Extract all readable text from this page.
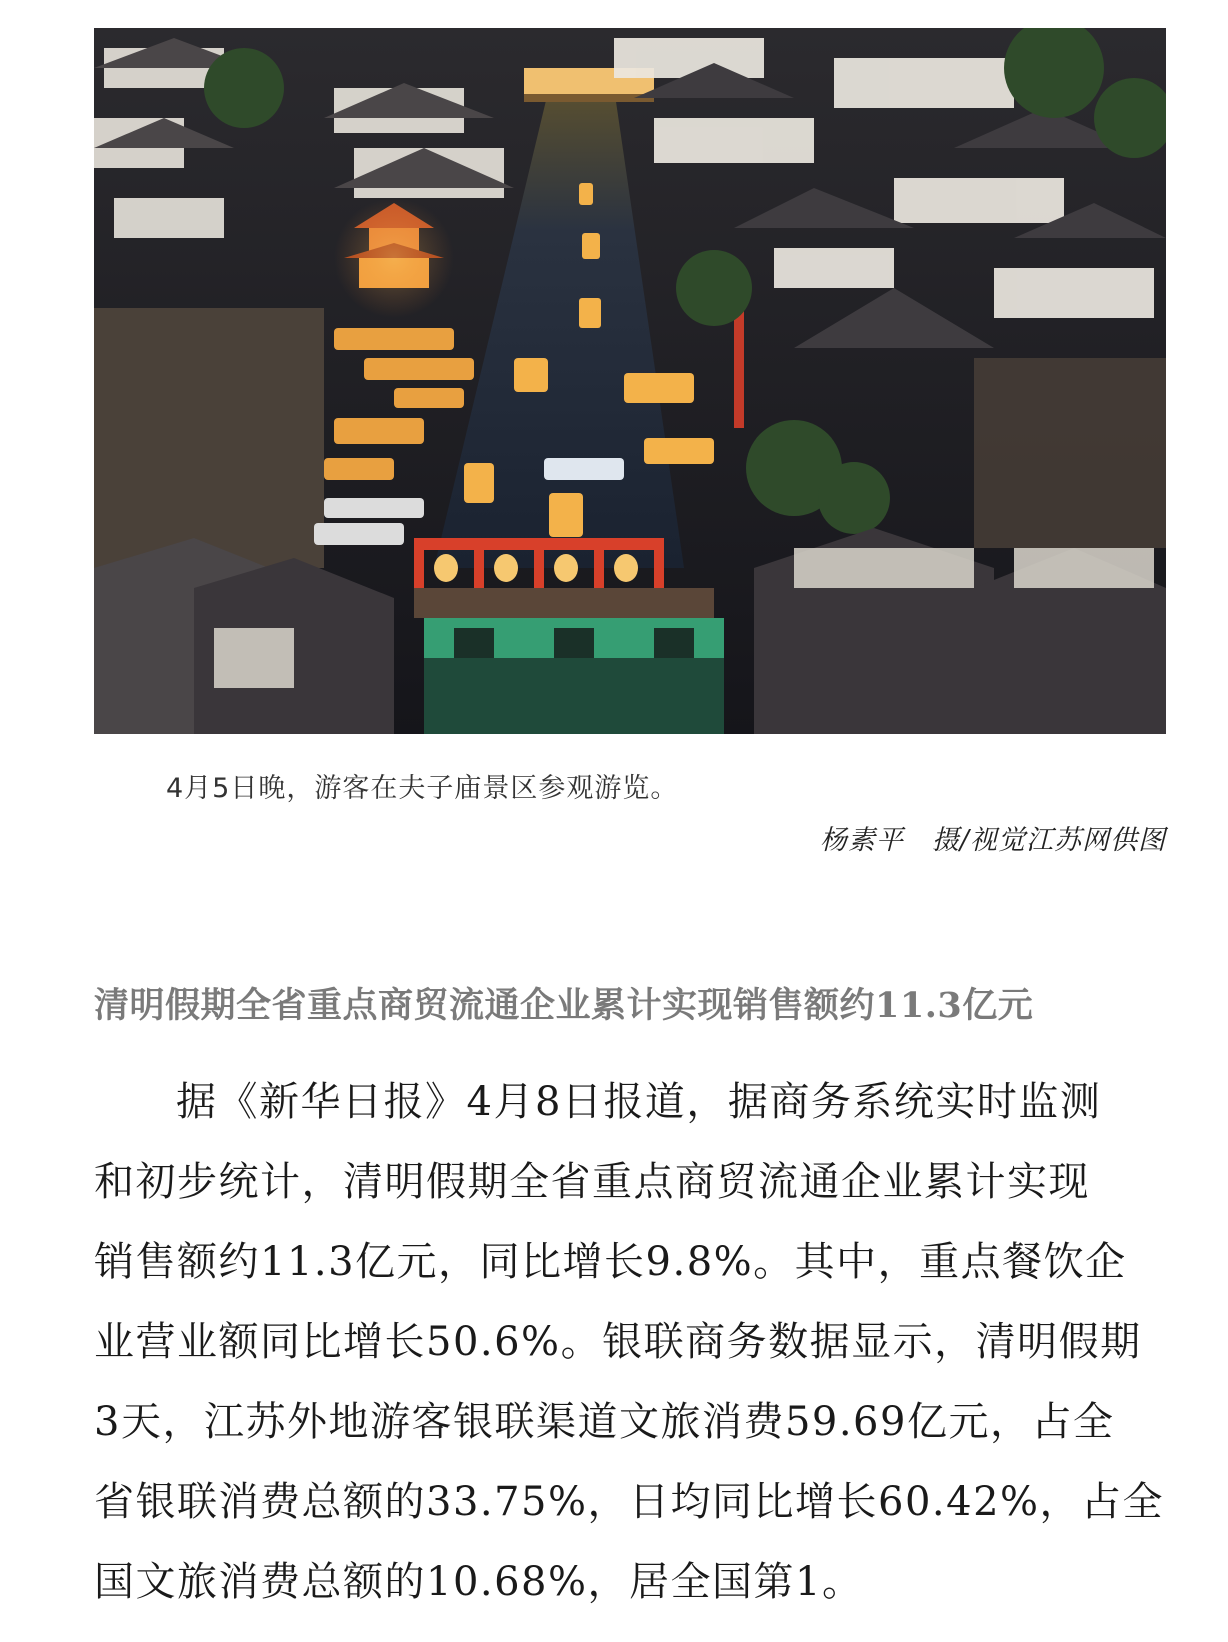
4月5日晚，游客在夫子庙景区参观游览。
杨素平　摄/视觉江苏网供图
清明假期全省重点商贸流通企业累计实现销售额约11.3亿元
据《新华日报》4月8日报道，据商务系统实时监测
和初步统计，清明假期全省重点商贸流通企业累计实现
销售额约11.3亿元，同比增长9.8%。其中，重点餐饮企
业营业额同比增长50.6%。银联商务数据显示，清明假期
3天，江苏外地游客银联渠道文旅消费59.69亿元，占全
省银联消费总额的33.75%，日均同比增长60.42%，占全
国文旅消费总额的10.68%，居全国第1。
